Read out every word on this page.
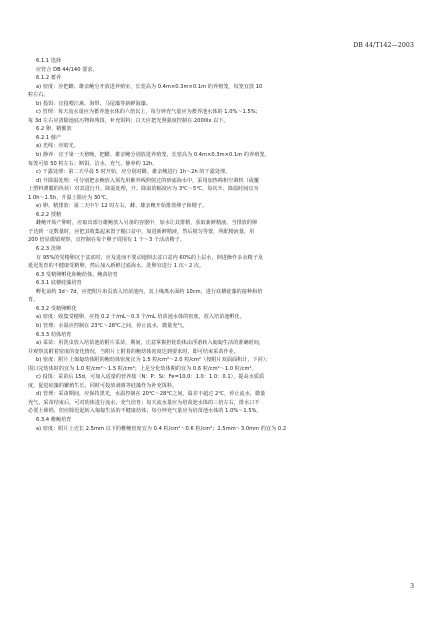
DB 44/T142—2003
6.1.1 选择
应符合 DB 44/140 要求。
6.1.2 蓄养
a) 密度：应把雌、雄亲鲍分开放进养殖室，长宽高为 0.4m×0.3m×0.1m 的养殖笼，每笼宜放 10
粒左右。
b) 投饵：宜投喂江蓠、海带、马尾藻等新鲜海藻。
c) 管理：每天流水量应为蓄养池水体的六倍以上，每分钟充气量应为蓄养池水体的 1.0%～1.5%；
每 3d 左右应清除池底污物和残饵，补充饵料；白天应把光照强度控制在 2000lx 以下。
6.2 卵、精催放
6.2.1 催产
a) 光线：应暗光。
b) 静养：宜于第一天傍晚，把雌、雄亲鲍分别放进养殖笼，长宽高为 0.4m×0.3m×0.1m 的养殖笼，
每笼可放 50 粒左右；断饵、洁水、充气、静养约 12h。
c) 干露处理：第二天早晨 5 时开始，应分别对雌、雄亲鲍进行 1h～2h 的干露处理。
d) 升降温处理：可分别把亲鲍放入预先用紫外线照射过的砂滤海水中，采用加热棒和空调机（或覆
上塑料薄膜的块状）对其进行升、降温处理，升、降温的幅度应为 3℃～5℃，每次升、降温时间宜为
1.0h～1.5h，升温上限应为 30℃。
e) 卵、精排放：第二天中午 12 时左右，雌、雄亲鲍开始排放卵子和精子。
6.2.2 授精
雌鲍开始产卵时，应取出部分雄鲍放入另备的容器中，加水让其排精，获取新鲜精液。当排放的卵
子达到一定数量时，应把其收集起来置于糙口盆中，加进新鲜精液，然后搅匀等置，所配精液量，用
200 倍显微镜观察，宜控制在每个卵子周围有 1 个～3 个活动精子。
6.2.3 洗卵
有 95%的受精卵沉于盆底时，应及进而不要动地倒去盆口盆内 60%的上层水，倒进操作多余精子及
延迟发育的不健康受精卵，然后加入新鲜过滤海水。洗卵宜进行 1 次～2 次。
6.3 受精卵孵化和鲍幼体、鲍苗培育
6.3.1 底棲硅藻培育
孵化前约 3d～7d，应把附片串页放入培苗池内，其上缘离水面约 10cm，进行底栖硅藻的接种和培
育。
6.3.2 受精卵孵化
a) 密度：收集受精卵，应按 0.2 个/mL～0.3 个/mL 培苗池水体的密度，放入培苗池孵化。
b) 管理：水温应控制在 23℃～28℃之间，停止流水，微量充气。
6.3.3 幼体培育
a) 采苗：用洗虫放入培苗池的附片采苗，期间，注意掌握担轮幼体由浮游转入匍匐生活的准确时间，
并观察其附着密度的变化情况，当附片上附着的鲍幼体密度达到要求时，即可结束采苗作业。
b) 密度：附片上匍匐幼体附的鲍幼体密度宜为 1.5 粒/cm²～2.0 粒/cm²（按附片双面面积计，下同）；
围口完幼体时的宜为 1.0 粒/cm²～1.5 粒/cm²；上足分化幼体期的宜为 0.6 粒/cm²～1.0 粒/cm²。
c) 投饵：采苗后 15d，可加入适量的营养盐（N：P：Si：Fe=10.0：1.0：1.0：0.1），提高水质质
度，促进硅藻的繁殖生长，同时可投放剥离等硅藻作为补充饵料。
d) 管理：采苗期间，应保持黑光，水温控制在 20℃～28℃之间，温差不超过 2℃，停止流水，微量
充气。采苗结束后，可对幼体进行流水、充气培育；每天流水量应为培苗池水体的三倍左右，排水口不
必要上筛绢，但应除迟起转入匍匐生活的不健康幼体；每分钟充气量应为培苗池水体的 1.0%～1.5%。
6.3.4 稚鲍培育
a) 密度：附片上壳长 2.5mm 以下的稚鲍密度宜为 0.4 粒/cm²～0.6 粒/cm²；2.5mm～3.0mm 的宜为 0.2
3
